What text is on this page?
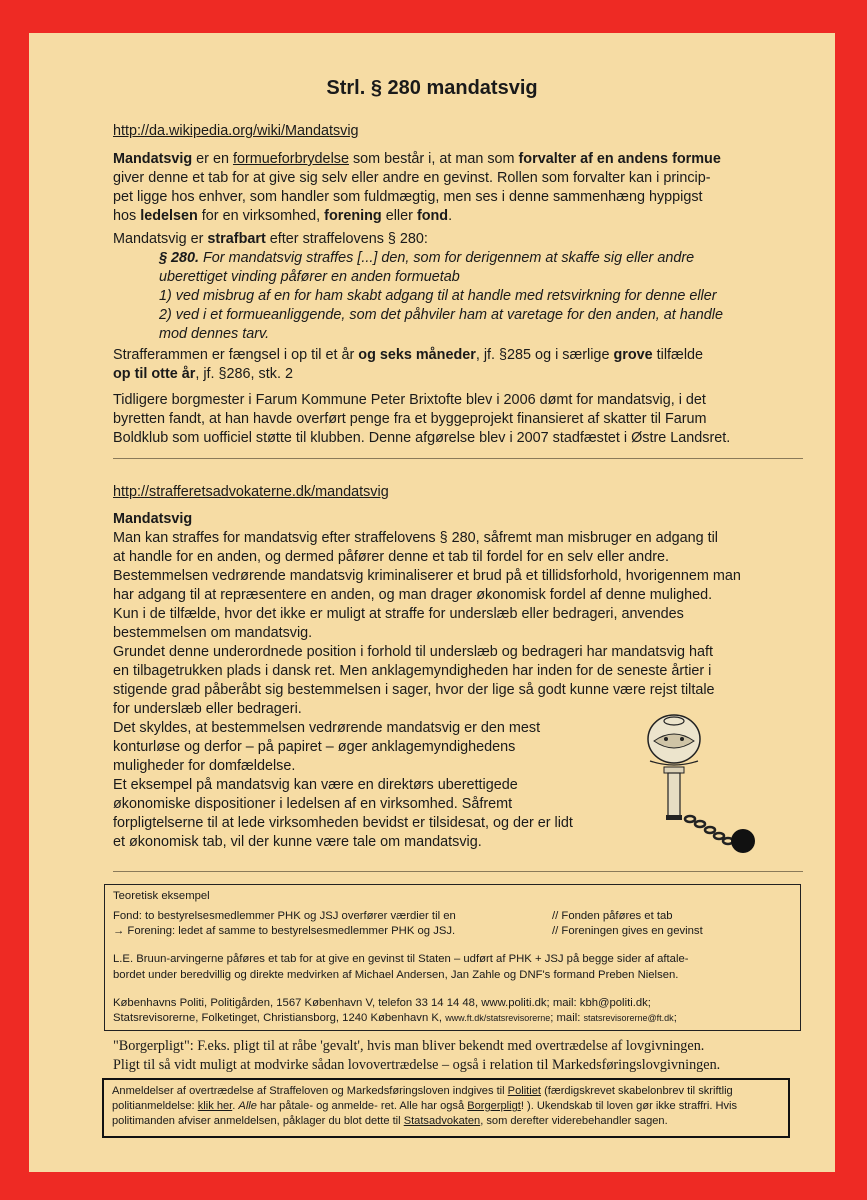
Strl. § 280 mandatsvig
http://da.wikipedia.org/wiki/Mandatsvig

Mandatsvig er en formueforbrydelse som består i, at man som forvalter af en andens formue
giver denne et tab for at give sig selv eller andre en gevinst. Rollen som forvalter kan i princip-
pet ligge hos enhver, som handler som fuldmægtig, men ses i denne sammenhæng hyppigst
hos ledelsen for en virksomhed, forening eller fond.

Mandatsvig er strafbart efter straffelovens § 280:

§ 280. For mandatsvig straffes [...] den, som for derigennem at skaffe sig eller andre
uberettiget vinding påfører en anden formuetab
1) ved misbrug af en for ham skabt adgang til at handle med retsvirkning for denne eller
2) ved i et formueanliggende, som det påhviler ham at varetage for den anden, at handle
mod dennes tarv.

Strafferammen er fængsel i op til et år og seks måneder, jf. §285 og i særlige grove tilfælde
op til otte år, jf. §286, stk. 2

Tidligere borgmester i Farum Kommune Peter Brixtofte blev i 2006 dømt for mandatsvig, i det
byretten fandt, at han havde overført penge fra et byggeprojekt finansieret af skatter til Farum
Boldklub som uofficiel støtte til klubben. Denne afgørelse blev i 2007 stadfæstet i Østre Landsret.

http://strafferetsadvokaterne.dk/mandatsvig

Mandatsvig

Man kan straffes for mandatsvig efter straffelovens § 280, såfremt man misbruger en adgang til
at handle for en anden, og dermed påfører denne et tab til fordel for en selv eller andre.
Bestemmelsen vedrørende mandatsvig kriminaliserer et brud på et tillidsforhold, hvorigennem man
har adgang til at repræsentere en anden, og man drager økonomisk fordel af denne mulighed.
Kun i de tilfælde, hvor det ikke er muligt at straffe for underslæb eller bedrageri, anvendes
bestemmelsen om mandatsvig.
Grundet denne underordnede position i forhold til underslæb og bedrageri har mandatsvig haft
en tilbagetrukken plads i dansk ret. Men anklagemyndigheden har inden for de seneste årtier i
stigende grad påberåbt sig bestemmelsen i sager, hvor der lige så godt kunne være rejst tiltale
for underslæb eller bedrageri.

Det skyldes, at bestemmelsen vedrørende mandatsvig er den mest
konturløse og derfor – på papiret – øger anklagemyndighedens
muligheder for domfældelse.
Et eksempel på mandatsvig kan være en direktørs uberettigede
økonomiske dispositioner i ledelsen af en virksomhed. Såfremt
forpligtelserne til at lede virksomheden bevidst er tilsidesat, og der er lidt
et økonomisk tab, vil der kunne være tale om mandatsvig.

Teoretisk eksempel
Fond: to bestyrelsesmedlemmer PHK og JSJ overfører værdier til en	// Fonden påføres et tab
→ Forening: ledet af samme to bestyrelsesmedlemmer PHK og JSJ.	// Foreningen gives en gevinst
L.E. Bruun-arvingerne påføres et tab for at give en gevinst til Staten – udført af PHK + JSJ på begge sider af aftale-
bordet under beredvillig og direkte medvirken af Michael Andersen, Jan Zahle og DNF's formand Preben Nielsen.
Københavns Politi, Politigården, 1567 København V, telefon 33 14 14 48, www.politi.dk; mail: kbh@politi.dk;
Statsrevisorerne, Folketinget, Christiansborg, 1240 København K, www.ft.dk/statsrevisorerne; mail: statsrevisorerne@ft.dk;

"Borgerpligt": F.eks. pligt til at råbe 'gevalt', hvis man bliver bekendt med overtrædelse af lovgivningen.
Pligt til så vidt muligt at modvirke sådan lovovertrædelse – også i relation til Markedsføringslovgivningen.

Anmeldelser af overtrædelse af Straffeloven og Markedsføringsloven indgives til Politiet (færdigskrevet skabelonbrev til skriftlig politianmeldelse: klik her. Alle har påtale- og anmelde- ret. Alle har også Borgerpligt! ). Ukendskab til loven gør ikke straffri. Hvis politimanden afviser anmeldelsen, påklager du blot dette til Statsadvokaten, som derefter viderebehandler sagen.
